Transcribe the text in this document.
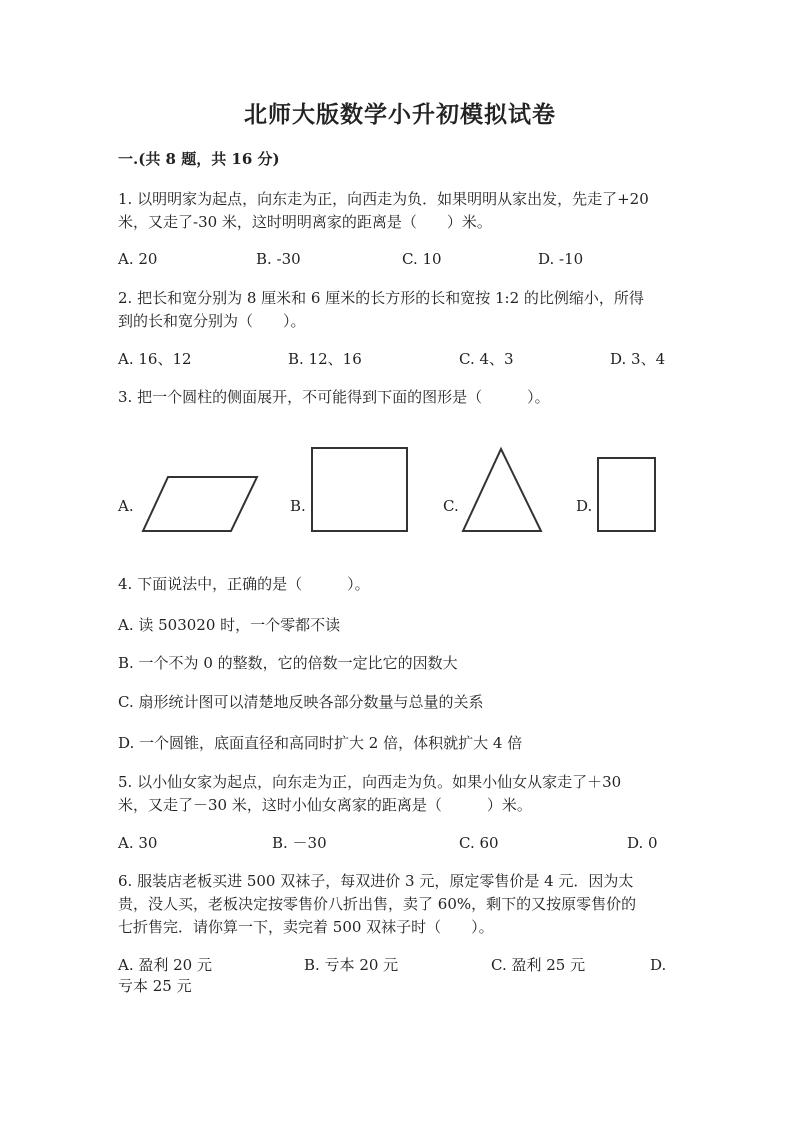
北师大版数学小升初模拟试卷
一.(共 8 题，共 16 分)
1. 以明明家为起点，向东走为正，向西走为负．如果明明从家出发，先走了+20
米，又走了-30 米，这时明明离家的距离是（　　）米。
A. 20	B. -30	C. 10	D. -10
2. 把长和宽分别为 8 厘米和 6 厘米的长方形的长和宽按 1:2 的比例缩小，所得
到的长和宽分别为（　　）。
A. 16、12	B. 12、16	C. 4、3	D. 3、4
3. 把一个圆柱的侧面展开，不可能得到下面的图形是（　　　）。
A.	B.	C.	D.
4. 下面说法中，正确的是（　　　）。
A. 读 503020 时，一个零都不读
B. 一个不为 0 的整数，它的倍数一定比它的因数大
C. 扇形统计图可以清楚地反映各部分数量与总量的关系
D. 一个圆锥，底面直径和高同时扩大 2 倍，体积就扩大 4 倍
5. 以小仙女家为起点，向东走为正，向西走为负。如果小仙女从家走了＋30
米，又走了－30 米，这时小仙女离家的距离是（　　　）米。
A. 30	B. －30	C. 60	D. 0
6. 服装店老板买进 500 双袜子，每双进价 3 元，原定零售价是 4 元．因为太
贵，没人买，老板决定按零售价八折出售，卖了 60%，剩下的又按原零售价的
七折售完．请你算一下，卖完着 500 双袜子时（　　）。
A. 盈利 20 元	B. 亏本 20 元	C. 盈利 25 元	D.
亏本 25 元
